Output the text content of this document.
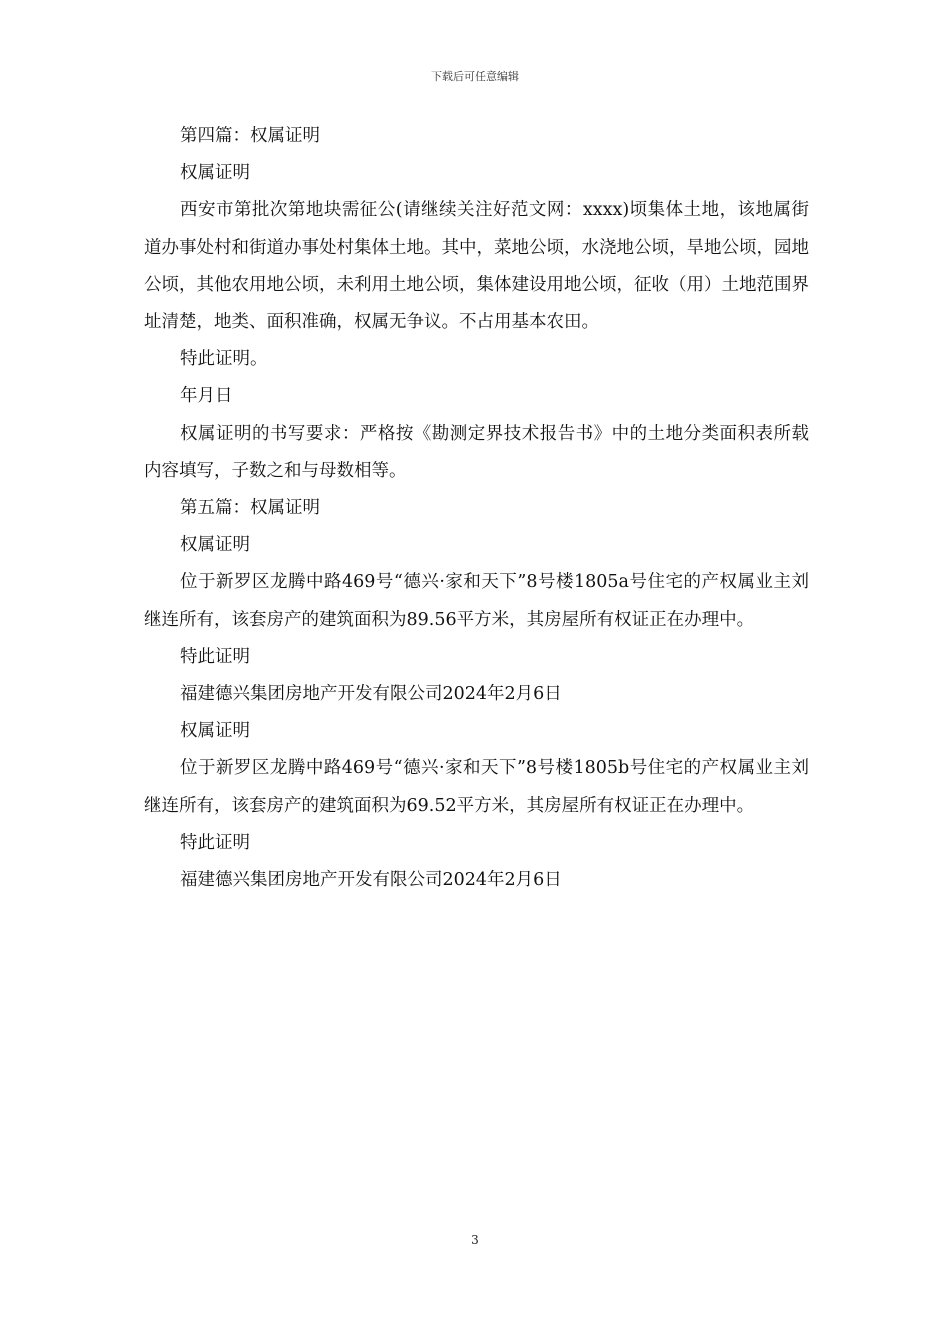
下载后可任意编辑

第四篇：权属证明

权属证明

西安市第批次第地块需征公(请继续关注好范文网：xxxx)顷集体土地，该地属街道办事处村和街道办事处村集体土地。其中，菜地公顷，水浇地公顷，旱地公顷，园地公顷，其他农用地公顷，未利用土地公顷，集体建设用地公顷，征收（用）土地范围界址清楚，地类、面积准确，权属无争议。不占用基本农田。

特此证明。

年月日

权属证明的书写要求：严格按《勘测定界技术报告书》中的土地分类面积表所载内容填写，子数之和与母数相等。

第五篇：权属证明

权属证明

位于新罗区龙腾中路469号“德兴·家和天下”8号楼1805a号住宅的产权属业主刘继连所有，该套房产的建筑面积为89.56平方米，其房屋所有权证正在办理中。

特此证明

福建德兴集团房地产开发有限公司2024年2月6日

权属证明

位于新罗区龙腾中路469号“德兴·家和天下”8号楼1805b号住宅的产权属业主刘继连所有，该套房产的建筑面积为69.52平方米，其房屋所有权证正在办理中。

特此证明

福建德兴集团房地产开发有限公司2024年2月6日

3
